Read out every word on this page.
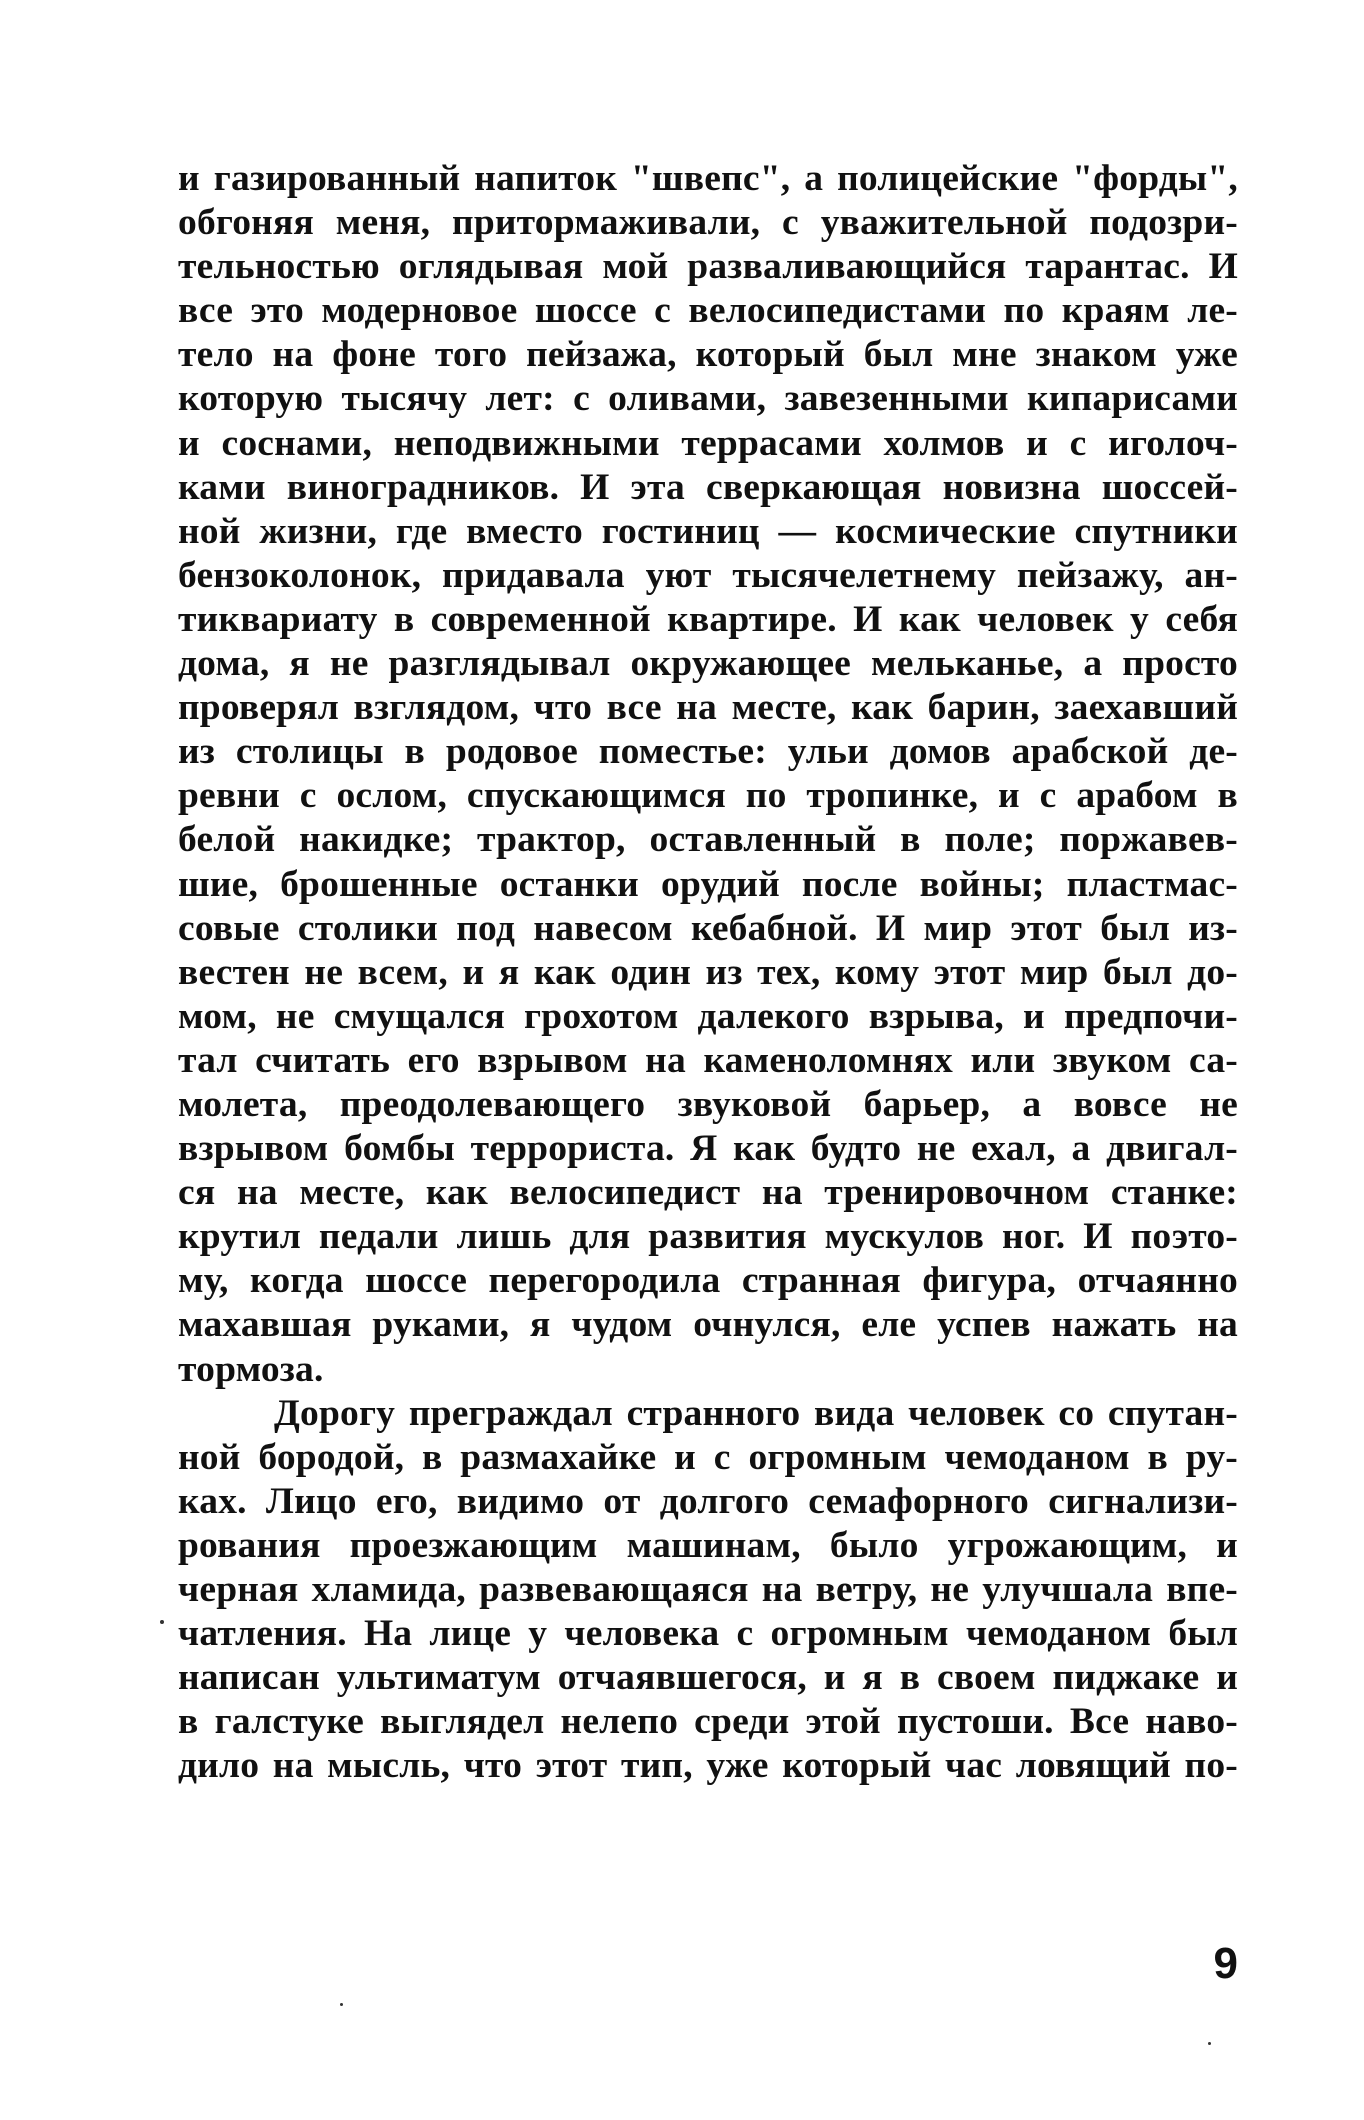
и газированный напиток "швепс", а полицейские "форды",
обгоняя меня, притормаживали, с уважительной подозри-
тельностью оглядывая мой разваливающийся тарантас. И
все это модерновое шоссе с велосипедистами по краям ле-
тело на фоне того пейзажа, который был мне знаком уже
которую тысячу лет: с оливами, завезенными кипарисами
и соснами, неподвижными террасами холмов и с иголоч-
ками виноградников. И эта сверкающая новизна шоссей-
ной жизни, где вместо гостиниц — космические спутники
бензоколонок, придавала уют тысячелетнему пейзажу, ан-
тиквариату в современной квартире. И как человек у себя
дома, я не разглядывал окружающее мельканье, а просто
проверял взглядом, что все на месте, как барин, заехавший
из столицы в родовое поместье: ульи домов арабской де-
ревни с ослом, спускающимся по тропинке, и с арабом в
белой накидке; трактор, оставленный в поле; поржавев-
шие, брошенные останки орудий после войны; пластмас-
совые столики под навесом кебабной. И мир этот был из-
вестен не всем, и я как один из тех, кому этот мир был до-
мом, не смущался грохотом далекого взрыва, и предпочи-
тал считать его взрывом на каменоломнях или звуком са-
молета, преодолевающего звуковой барьер, а вовсе не
взрывом бомбы террориста. Я как будто не ехал, а двигал-
ся на месте, как велосипедист на тренировочном станке:
крутил педали лишь для развития мускулов ног. И поэто-
му, когда шоссе перегородила странная фигура, отчаянно
махавшая руками, я чудом очнулся, еле успев нажать на
тормоза.
Дорогу преграждал странного вида человек со спутан-
ной бородой, в размахайке и с огромным чемоданом в ру-
ках. Лицо его, видимо от долгого семафорного сигнализи-
рования проезжающим машинам, было угрожающим, и
черная хламида, развевающаяся на ветру, не улучшала впе-
чатления. На лице у человека с огромным чемоданом был
написан ультиматум отчаявшегося, и я в своем пиджаке и
в галстуке выглядел нелепо среди этой пустоши. Все наво-
дило на мысль, что этот тип, уже который час ловящий по-
9
